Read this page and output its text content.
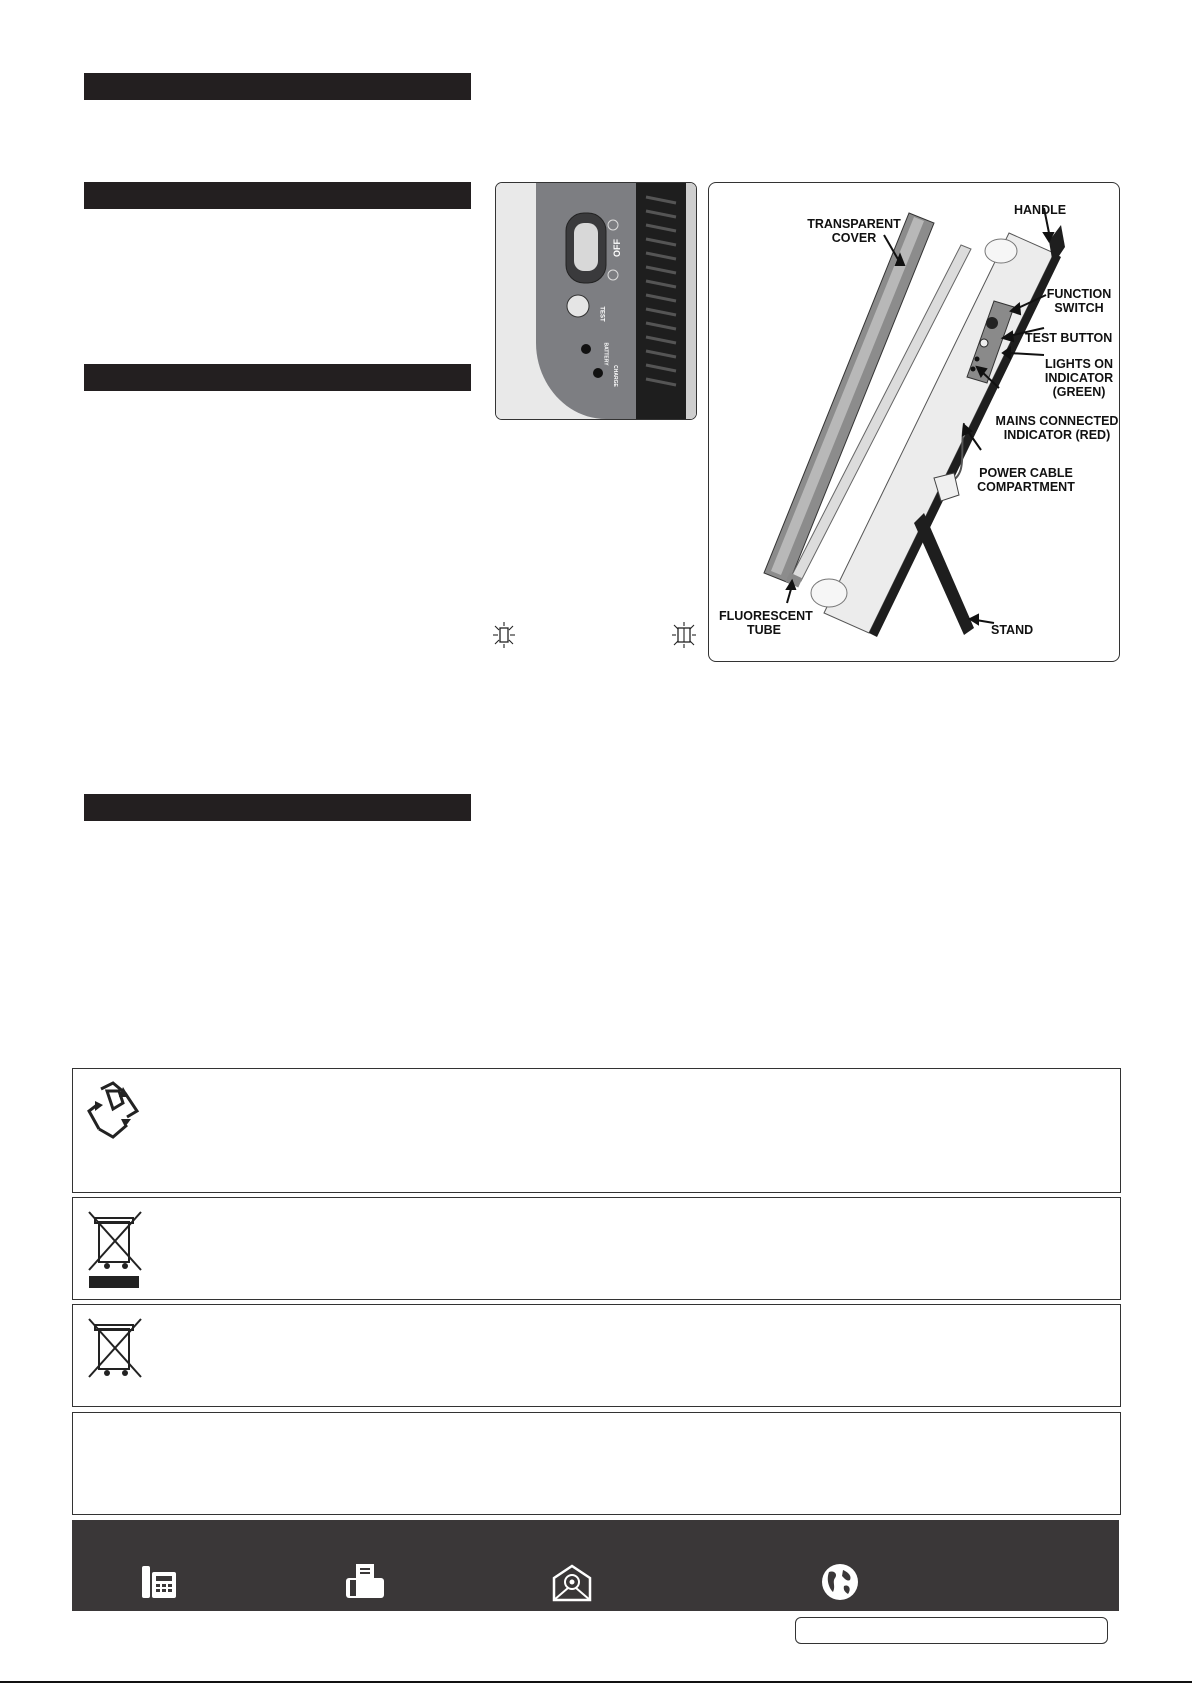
OFF
TEST
BATTERY
CHARGE
TRANSPARENT COVER
HANDLE
FUNCTION SWITCH
TEST BUTTON
LIGHTS ON INDICATOR (GREEN)
MAINS CONNECTED INDICATOR (RED)
POWER CABLE COMPARTMENT
FLUORESCENT TUBE	STAND
